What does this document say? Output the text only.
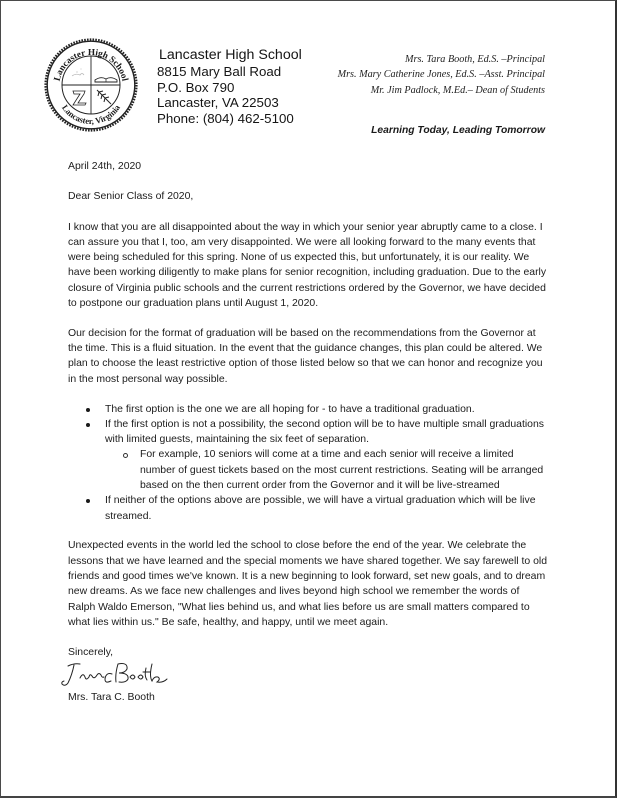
Lancaster High School
Lancaster, Virginia
Lancaster High School
8815 Mary Ball Road
P.O. Box 790
Lancaster, VA 22503
Phone: (804) 462-5100
Mrs. Tara Booth, Ed.S. –Principal
Mrs. Mary Catherine Jones, Ed.S. –Asst. Principal
Mr. Jim Padlock, M.Ed.– Dean of Students
Learning Today, Leading Tomorrow

April 24th, 2020

Dear Senior Class of 2020,

I know that you are all disappointed about the way in which your senior year abruptly came to a close. I can assure you that I, too, am very disappointed. We were all looking forward to the many events that were being scheduled for this spring. None of us expected this, but unfortunately, it is our reality. We have been working diligently to make plans for senior recognition, including graduation. Due to the early closure of Virginia public schools and the current restrictions ordered by the Governor, we have decided to postpone our graduation plans until August 1, 2020.

Our decision for the format of graduation will be based on the recommendations from the Governor at the time. This is a fluid situation. In the event that the guidance changes, this plan could be altered. We plan to choose the least restrictive option of those listed below so that we can honor and recognize you in the most personal way possible.

The first option is the one we are all hoping for - to have a traditional graduation.
If the first option is not a possibility, the second option will be to have multiple small graduations with limited guests, maintaining the six feet of separation.
For example, 10 seniors will come at a time and each senior will receive a limited number of guest tickets based on the most current restrictions. Seating will be arranged based on the then current order from the Governor and it will be live-streamed
If neither of the options above are possible, we will have a virtual graduation which will be live streamed.

Unexpected events in the world led the school to close before the end of the year. We celebrate the lessons that we have learned and the special moments we have shared together. We say farewell to old friends and good times we've known. It is a new beginning to look forward, set new goals, and to dream new dreams. As we face new challenges and lives beyond high school we remember the words of Ralph Waldo Emerson, "What lies behind us, and what lies before us are small matters compared to what lies within us." Be safe, healthy, and happy, until we meet again.

Sincerely,

Mrs. Tara C. Booth
